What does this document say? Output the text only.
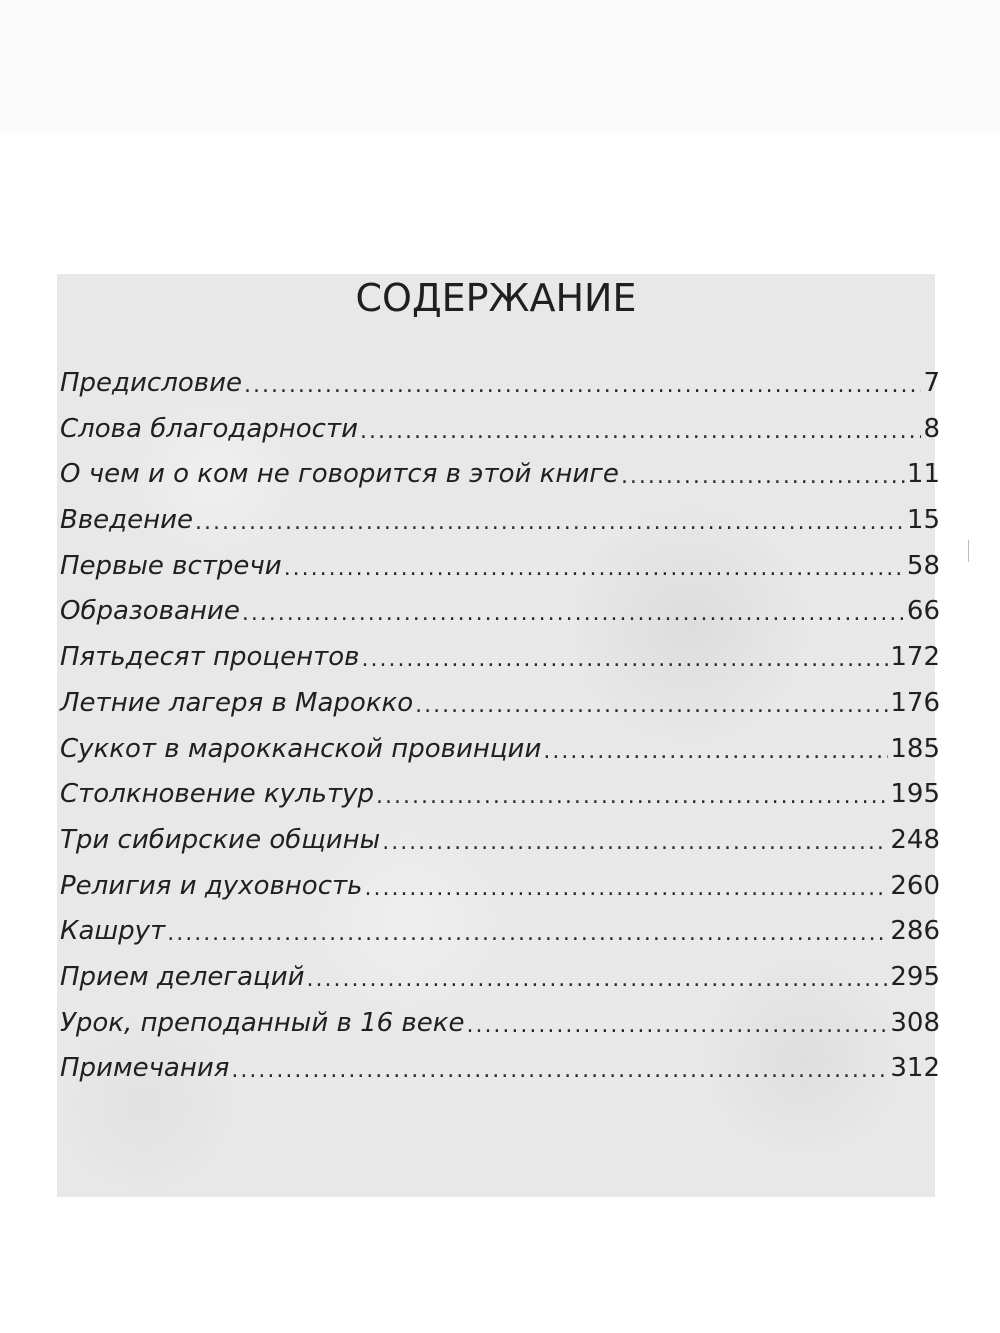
СОДЕРЖАНИЕ
Предисловие .....	7
Слова благодарности .....	8
О чем и о ком не говорится в этой книге .....	11
Введение .....	15
Первые встречи .....	58
Образование .....	66
Пятьдесят процентов .....	172
Летние лагеря в Марокко .....	176
Суккот в марокканской провинции .....	185
Столкновение культур .....	195
Три сибирские общины .....	248
Религия и духовность .....	260
Кашрут .....	286
Прием делегаций .....	295
Урок, преподанный в 16 веке .....	308
Примечания .....	312
